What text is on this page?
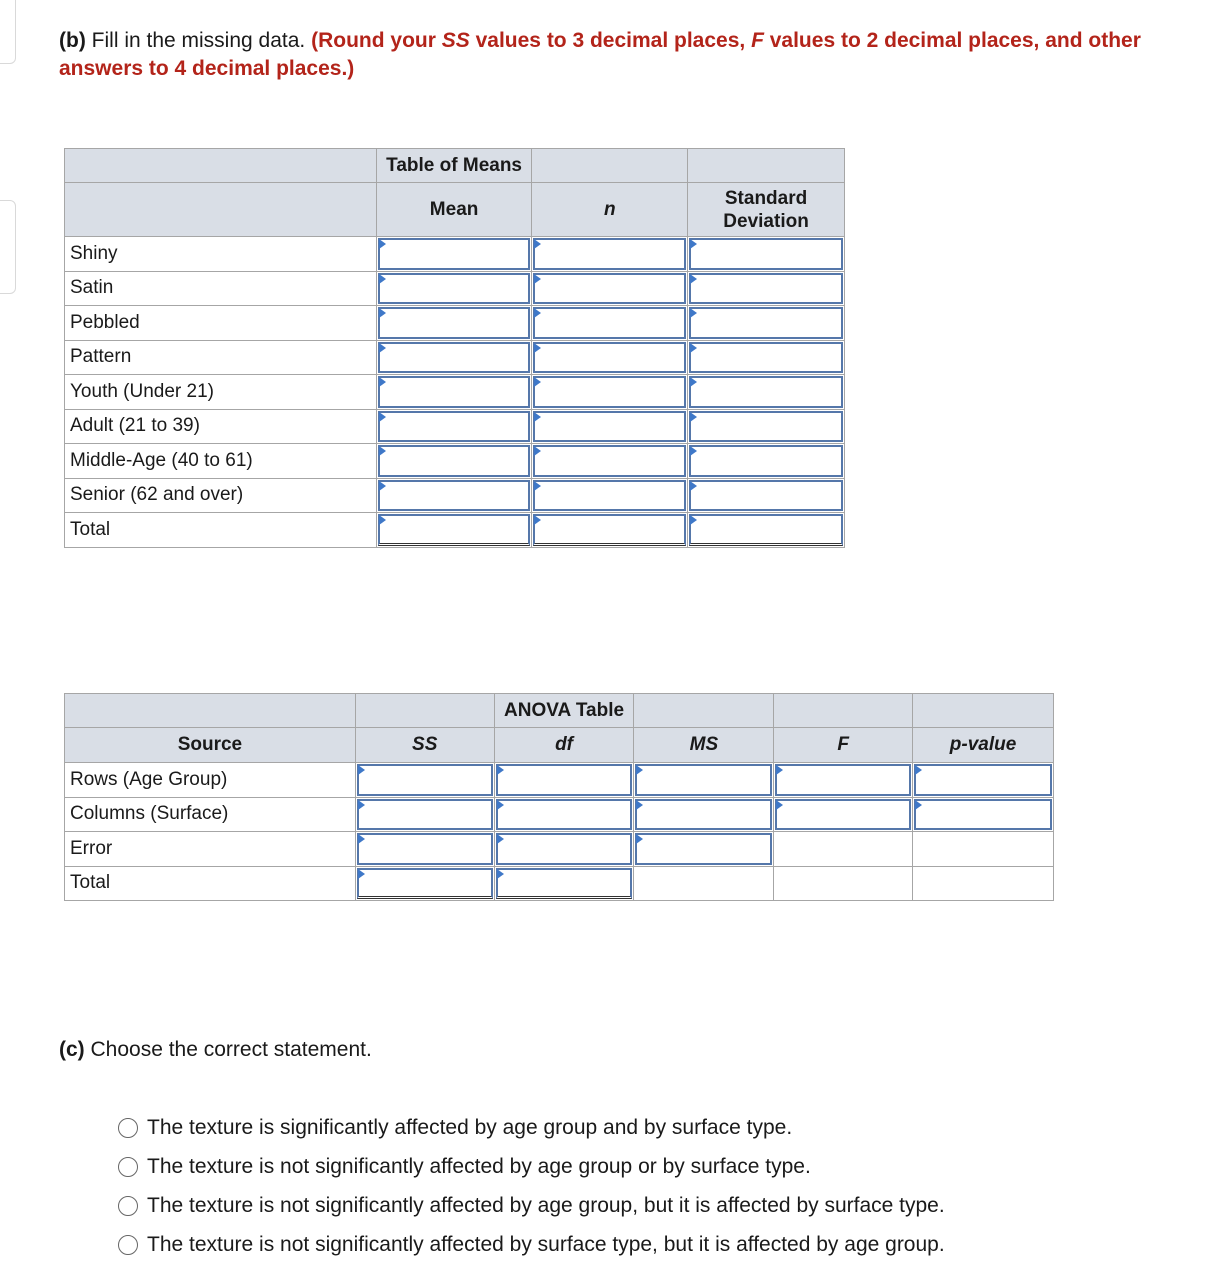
(b) Fill in the missing data. (Round your SS values to 3 decimal places, F values to 2 decimal places, and other answers to 4 decimal places.)
	Table of Means		
	Mean	n	Standard Deviation
Shiny	

Satin	

Pebbled	

Pattern	

Youth (Under 21)	

Adult (21 to 39)	

Middle-Age (40 to 61)	

Senior (62 and over)	

Total	

		ANOVA Table			
Source	SS	df	MS	F	p-value
Rows (Age Group)	

Columns (Surface)	

Error	

Total	

(c) Choose the correct statement.
The texture is significantly affected by age group and by surface type.
The texture is not significantly affected by age group or by surface type.
The texture is not significantly affected by age group, but it is affected by surface type.
The texture is not significantly affected by surface type, but it is affected by age group.
